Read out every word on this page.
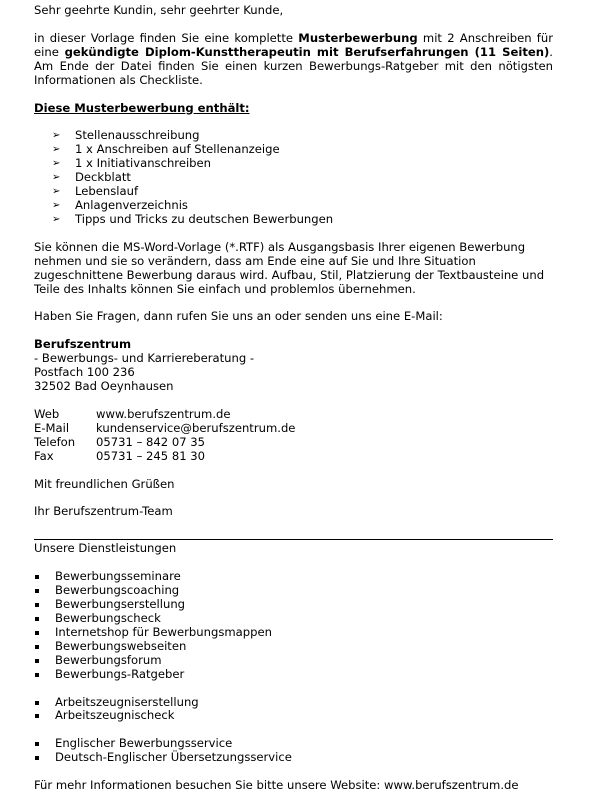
Sehr geehrte Kundin, sehr geehrter Kunde,

in dieser Vorlage finden Sie eine komplette Musterbewerbung mit 2 Anschreiben für eine gekündigte Diplom-Kunsttherapeutin mit Berufserfahrungen (11 Seiten). Am Ende der Datei finden Sie einen kurzen Bewerbungs-Ratgeber mit den nötigsten Informationen als Checkliste.

Diese Musterbewerbung enthält:

➢ Stellenausschreibung
➢ 1 x Anschreiben auf Stellenanzeige
➢ 1 x Initiativanschreiben
➢ Deckblatt
➢ Lebenslauf
➢ Anlagenverzeichnis
➢ Tipps und Tricks zu deutschen Bewerbungen

Sie können die MS-Word-Vorlage (*.RTF) als Ausgangsbasis Ihrer eigenen Bewerbung nehmen und sie so verändern, dass am Ende eine auf Sie und Ihre Situation zugeschnittene Bewerbung daraus wird. Aufbau, Stil, Platzierung der Textbausteine und Teile des Inhalts können Sie einfach und problemlos übernehmen.

Haben Sie Fragen, dann rufen Sie uns an oder senden uns eine E-Mail:

Berufszentrum

- Bewerbungs- und Karriereberatung -

Postfach 100 236

32502 Bad Oeynhausen

Web	www.berufszentrum.de
E-Mail	kundenservice@berufszentrum.de
Telefon	05731 – 842 07 35
Fax	05731 – 245 81 30

Mit freundlichen Grüßen

Ihr Berufszentrum-Team

Unsere Dienstleistungen

Bewerbungsseminare
Bewerbungscoaching
Bewerbungserstellung
Bewerbungscheck
Internetshop für Bewerbungsmappen
Bewerbungswebseiten
Bewerbungsforum
Bewerbungs-Ratgeber
Arbeitszeugniserstellung
Arbeitszeugnischeck
Englischer Bewerbungsservice
Deutsch-Englischer Übersetzungsservice

Für mehr Informationen besuchen Sie bitte unsere Website: www.berufszentrum.de
